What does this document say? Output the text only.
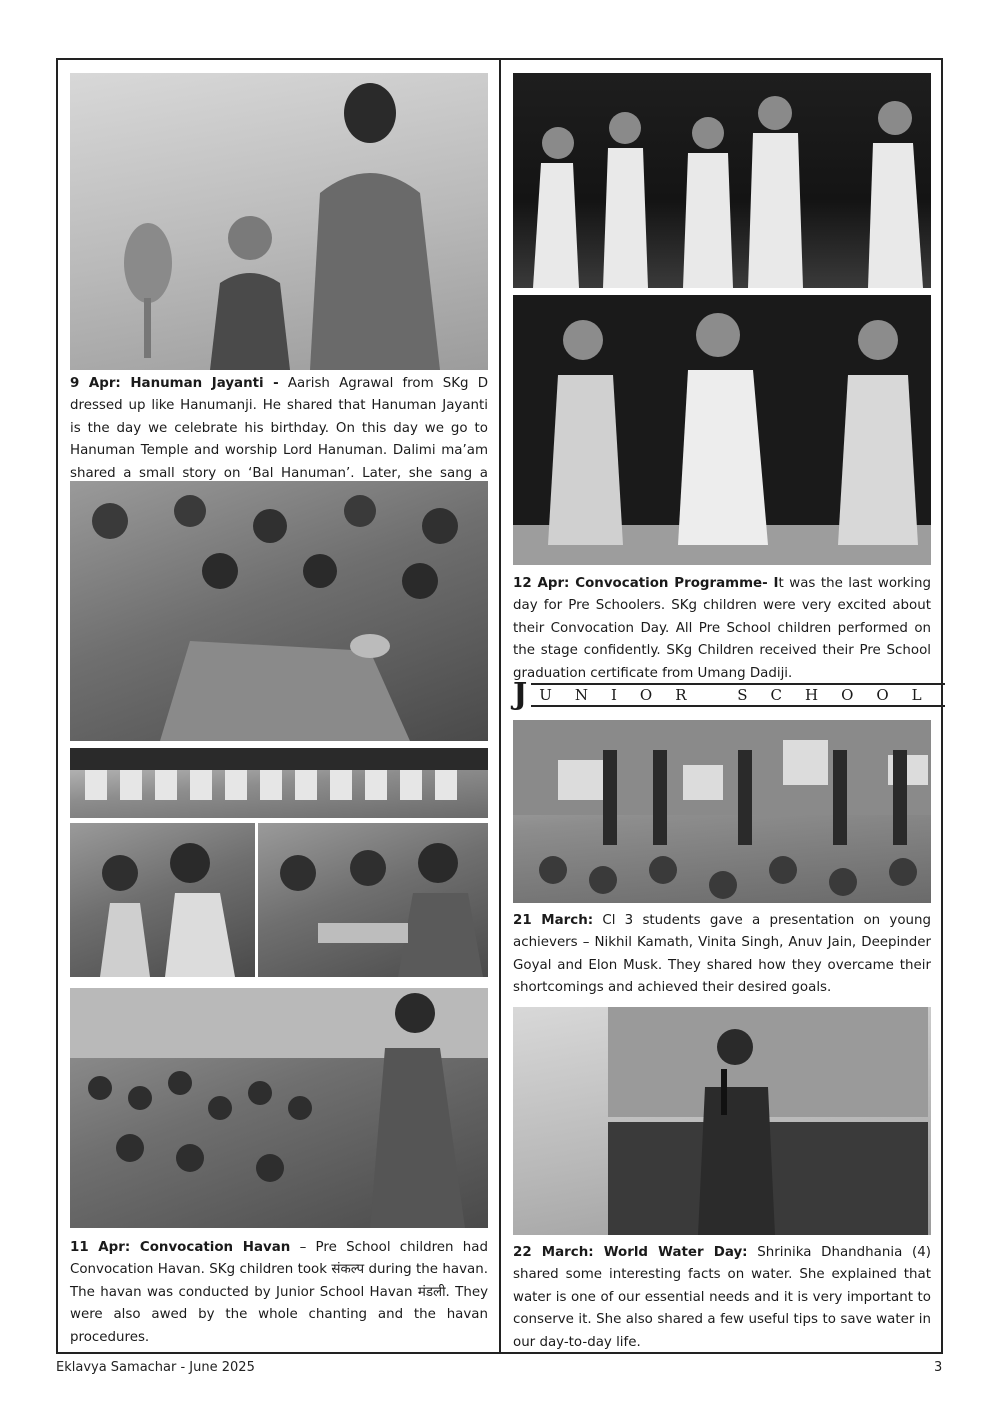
9 Apr: Hanuman Jayanti - Aarish Agrawal from SKg D dressed up like Hanumanji. He shared that Hanuman Jayanti is the day we celebrate his birthday. On this day we go to Hanuman Temple and worship Lord Hanuman. Dalimi ma’am shared a small story on ‘Bal Hanuman’. Later, she sang a

11 Apr: Convocation Havan – Pre School children had Convocation Havan. SKg children took संकल्प during the havan. The havan was conducted by Junior School Havan मंडली. They were also awed by the whole chanting and the havan procedures.

12 Apr: Convocation Programme- It was the last working day for Pre Schoolers. SKg children were very excited about their Convocation Day. All Pre School children performed on the stage confidently. SKg Children received their Pre School graduation certificate from Umang Dadiji.

J UNIOR SCHOOL

21 March: Cl 3 students gave a presentation on young achievers – Nikhil Kamath, Vinita Singh, Anuv Jain, Deepinder Goyal and Elon Musk. They shared how they overcame their shortcomings and achieved their desired goals.

22 March: World Water Day: Shrinika Dhandhania (4) shared some interesting facts on water. She explained that water is one of our essential needs and it is very important to conserve it. She also shared a few useful tips to save water in our day-to-day life.

Eklavya Samachar - June 2025	3
